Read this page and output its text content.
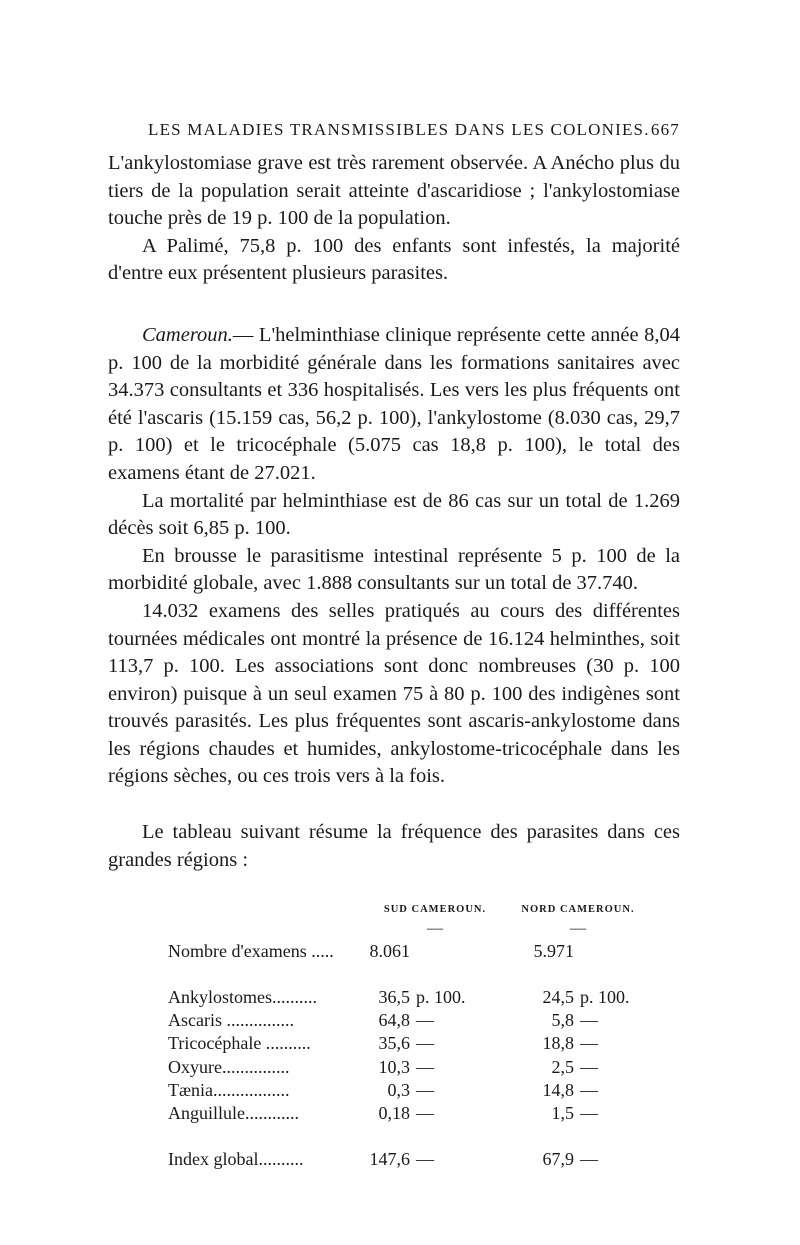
LES MALADIES TRANSMISSIBLES DANS LES COLONIES. 667

L'ankylostomiase grave est très rarement observée. A Anécho plus du tiers de la population serait atteinte d'ascaridiose ; l'ankylostomiase touche près de 19 p. 100 de la population.

A Palimé, 75,8 p. 100 des enfants sont infestés, la majorité d'entre eux présentent plusieurs parasites.

Cameroun.— L'helminthiase clinique représente cette année 8,04 p. 100 de la morbidité générale dans les formations sanitaires avec 34.373 consultants et 336 hospitalisés. Les vers les plus fréquents ont été l'ascaris (15.159 cas, 56,2 p. 100), l'ankylostome (8.030 cas, 29,7 p. 100) et le tricocéphale (5.075 cas 18,8 p. 100), le total des examens étant de 27.021.

La mortalité par helminthiase est de 86 cas sur un total de 1.269 décès soit 6,85 p. 100.

En brousse le parasitisme intestinal représente 5 p. 100 de la morbidité globale, avec 1.888 consultants sur un total de 37.740.

14.032 examens des selles pratiqués au cours des différentes tournées médicales ont montré la présence de 16.124 helminthes, soit 113,7 p. 100. Les associations sont donc nombreuses (30 p. 100 environ) puisque à un seul examen 75 à 80 p. 100 des indigènes sont trouvés parasités. Les plus fréquentes sont ascaris-ankylostome dans les régions chaudes et humides, ankylostome-tricocéphale dans les régions sèches, ou ces trois vers à la fois.

Le tableau suivant résume la fréquence des parasites dans ces grandes régions :

	SUD CAMEROUN.		NORD CAMEROUN.	
	—		—	
Nombre d'examens .....	8.061		5.971	

Ankylostomes..........	36,5	p. 100.	24,5	p. 100.
Ascaris ...............	64,8	—	5,8	—
Tricocéphale ..........	35,6	—	18,8	—
Oxyure...............	10,3	—	2,5	—
Tænia.................	0,3	—	14,8	—
Anguillule............	0,18	—	1,5	—

Index global..........	147,6	—	67,9	—
